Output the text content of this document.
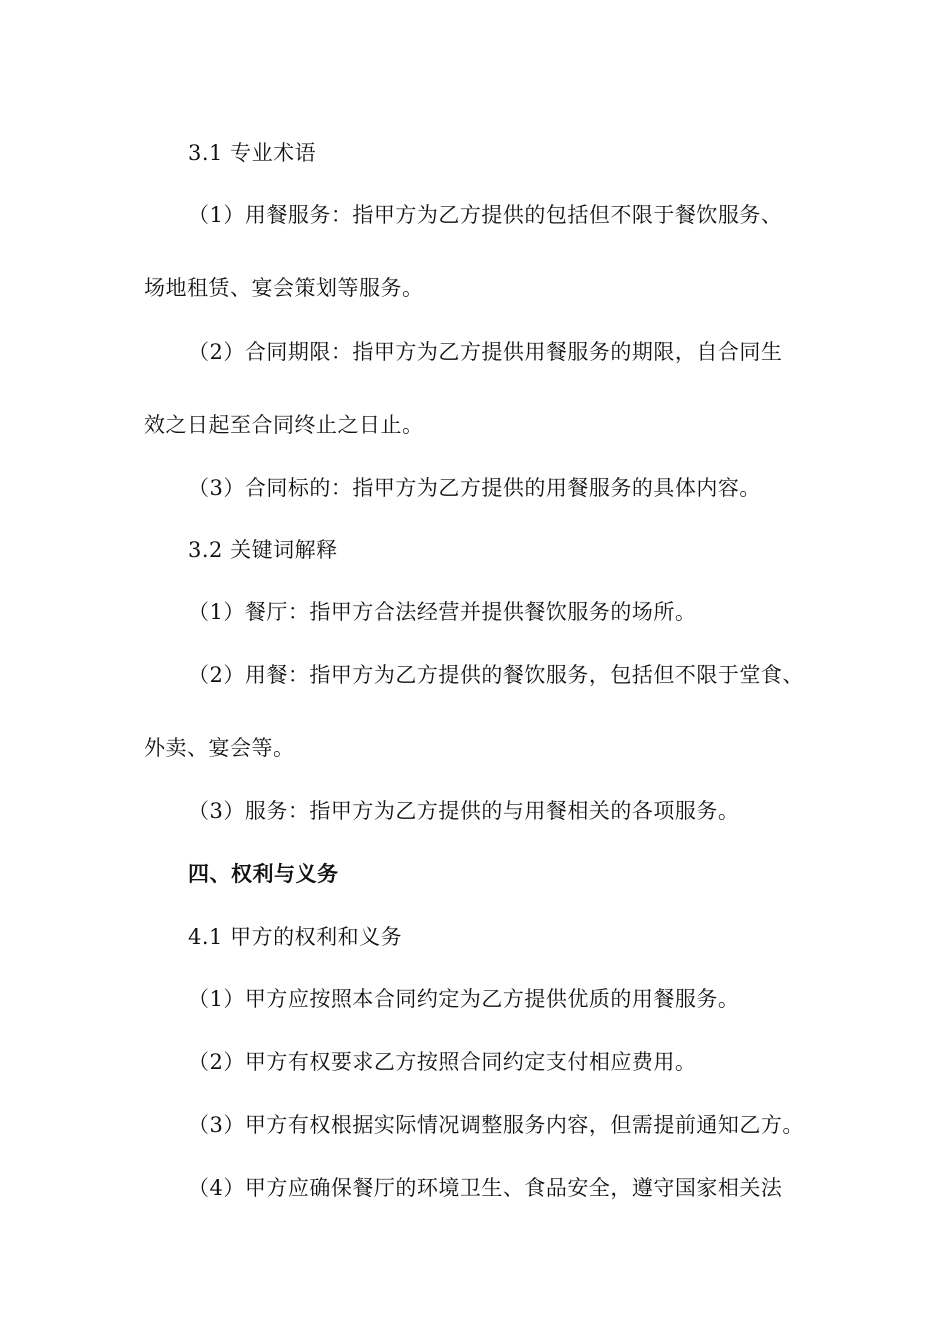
3.1 专业术语
（1）用餐服务：指甲方为乙方提供的包括但不限于餐饮服务、
场地租赁、宴会策划等服务。
（2）合同期限：指甲方为乙方提供用餐服务的期限，自合同生
效之日起至合同终止之日止。
（3）合同标的：指甲方为乙方提供的用餐服务的具体内容。
3.2 关键词解释
（1）餐厅：指甲方合法经营并提供餐饮服务的场所。
（2）用餐：指甲方为乙方提供的餐饮服务，包括但不限于堂食、
外卖、宴会等。
（3）服务：指甲方为乙方提供的与用餐相关的各项服务。
四、权利与义务
4.1 甲方的权利和义务
（1）甲方应按照本合同约定为乙方提供优质的用餐服务。
（2）甲方有权要求乙方按照合同约定支付相应费用。
（3）甲方有权根据实际情况调整服务内容，但需提前通知乙方。
（4）甲方应确保餐厅的环境卫生、食品安全，遵守国家相关法
